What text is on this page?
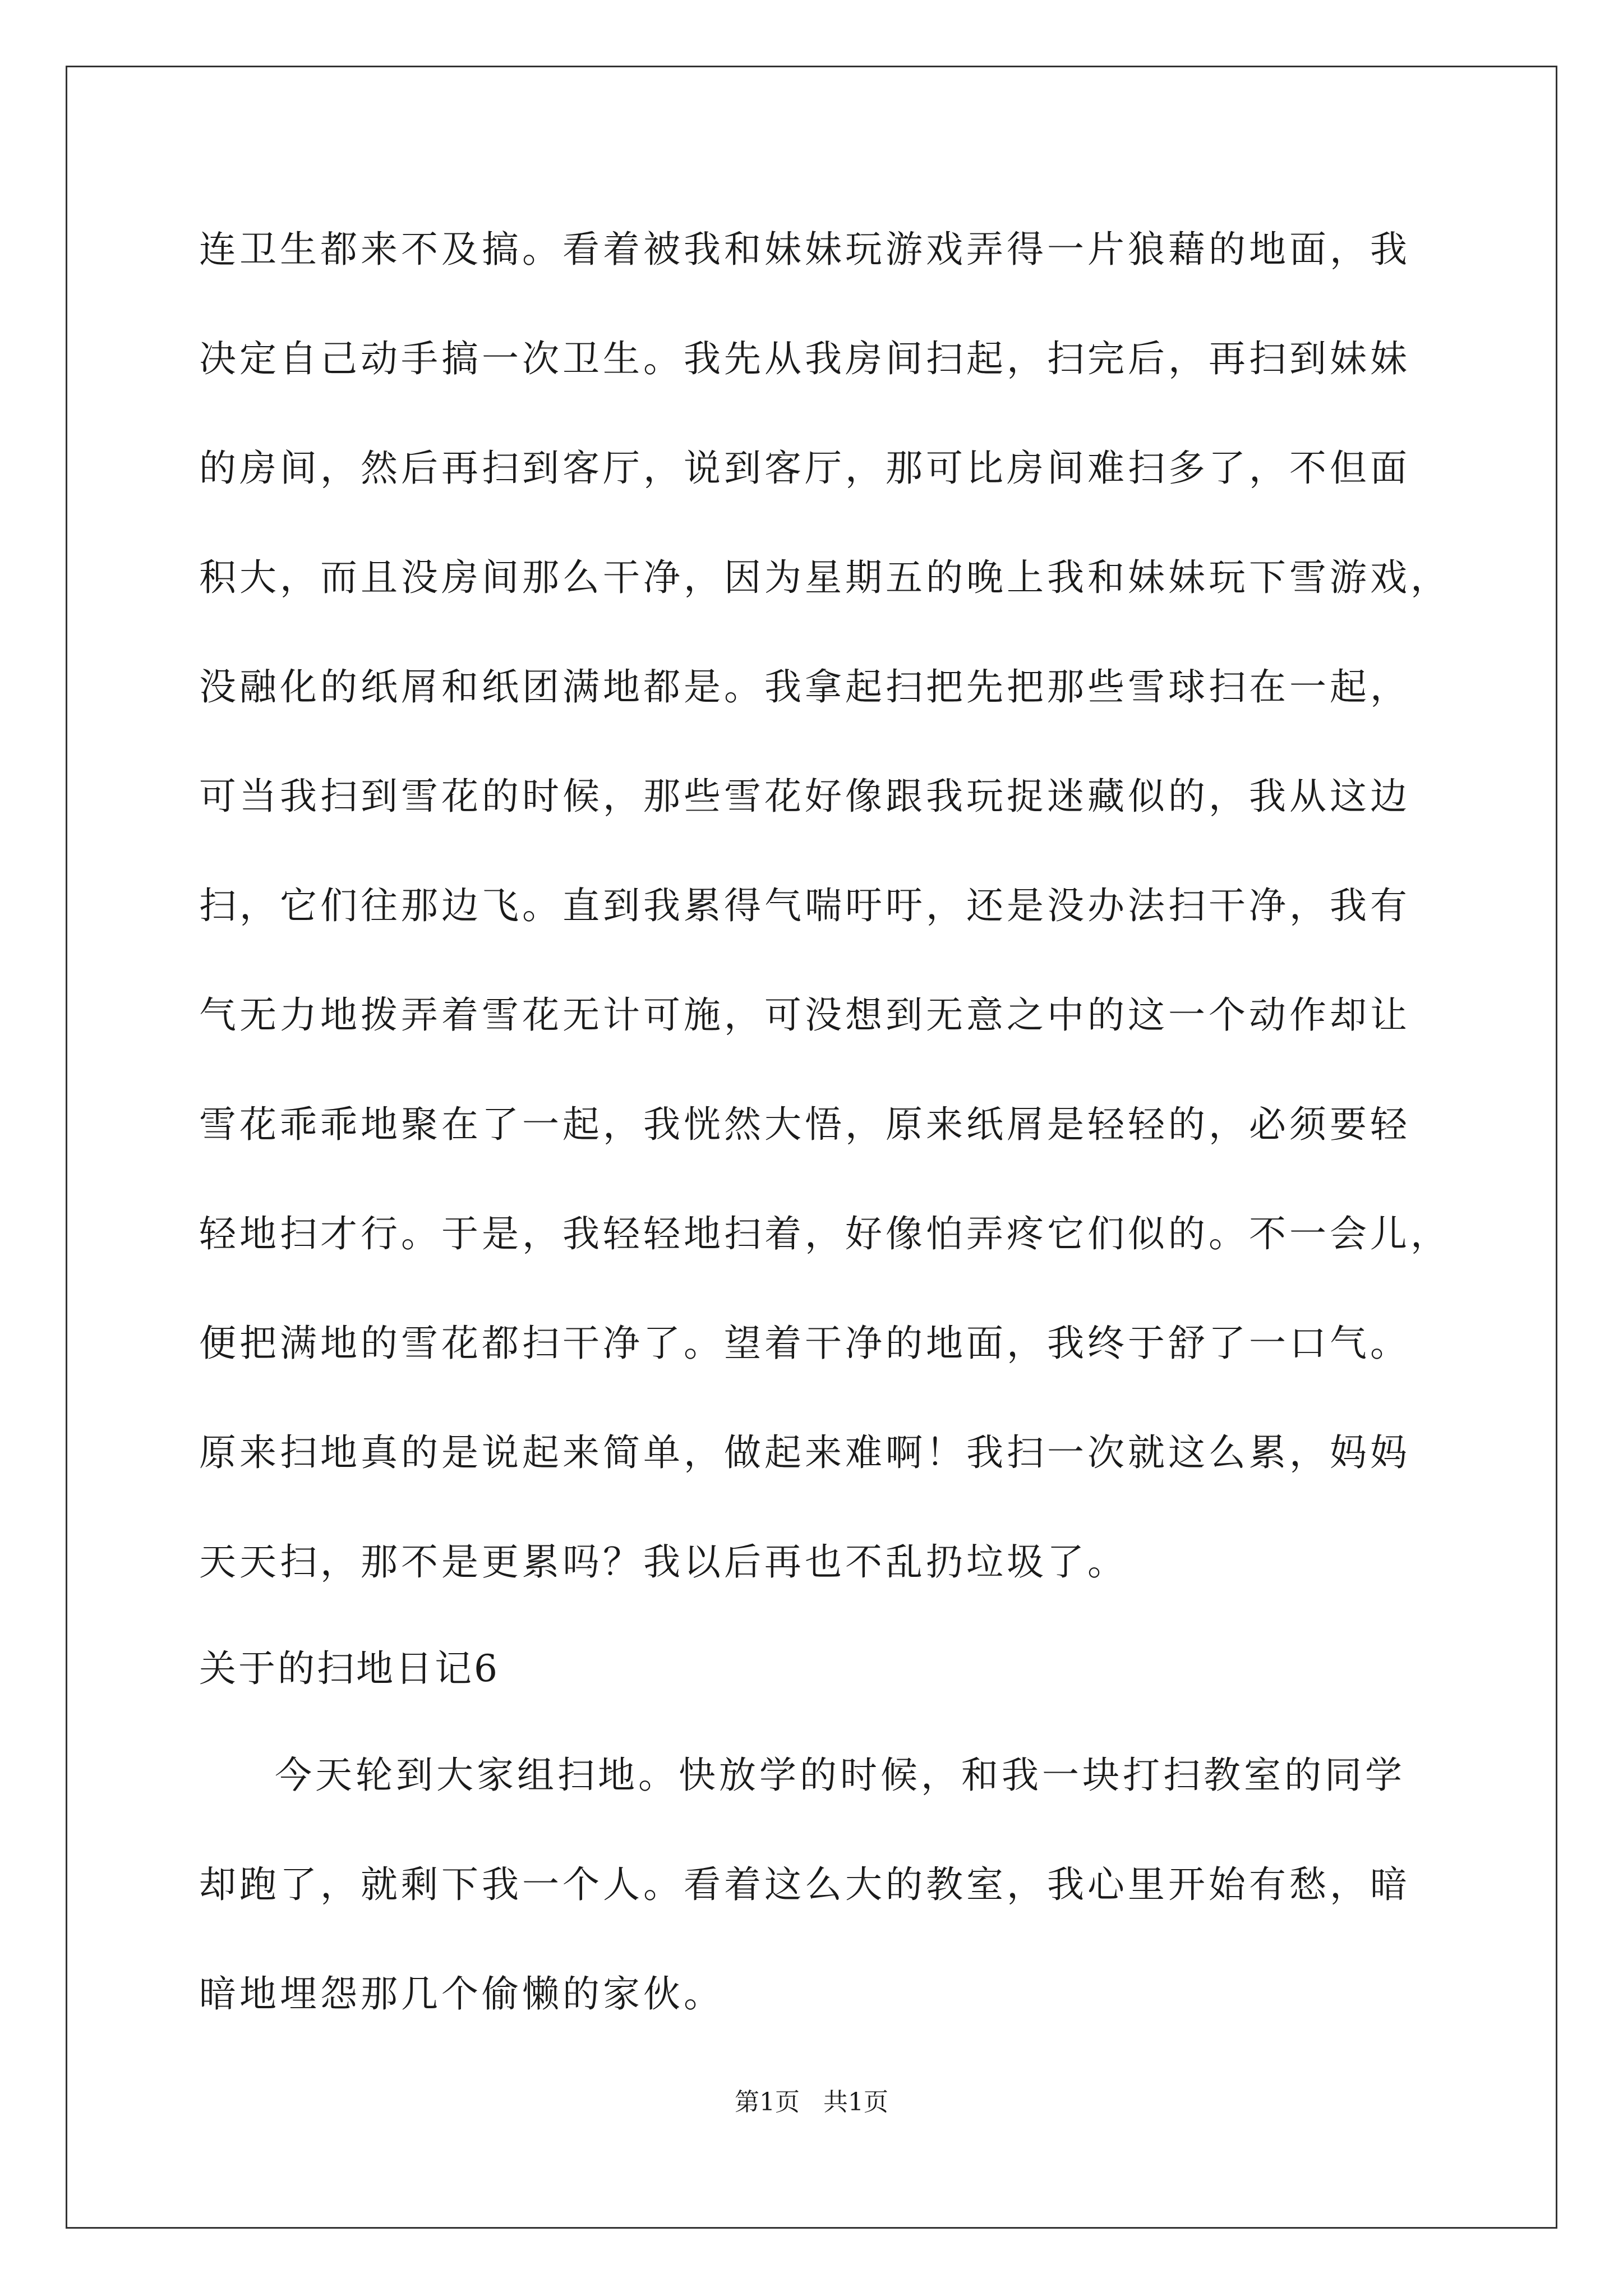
连卫生都来不及搞。看着被我和妹妹玩游戏弄得一片狼藉的地面，我
决定自己动手搞一次卫生。我先从我房间扫起，扫完后，再扫到妹妹
的房间，然后再扫到客厅，说到客厅，那可比房间难扫多了，不但面
积大，而且没房间那么干净，因为星期五的晚上我和妹妹玩下雪游戏，
没融化的纸屑和纸团满地都是。我拿起扫把先把那些雪球扫在一起，
可当我扫到雪花的时候，那些雪花好像跟我玩捉迷藏似的，我从这边
扫，它们往那边飞。直到我累得气喘吁吁，还是没办法扫干净，我有
气无力地拨弄着雪花无计可施，可没想到无意之中的这一个动作却让
雪花乖乖地聚在了一起，我恍然大悟，原来纸屑是轻轻的，必须要轻
轻地扫才行。于是，我轻轻地扫着，好像怕弄疼它们似的。不一会儿，
便把满地的雪花都扫干净了。望着干净的地面，我终于舒了一口气。
原来扫地真的是说起来简单，做起来难啊！我扫一次就这么累，妈妈
天天扫，那不是更累吗？我以后再也不乱扔垃圾了。
关于的扫地日记6
今天轮到大家组扫地。快放学的时候，和我一块打扫教室的同学
却跑了，就剩下我一个人。看着这么大的教室，我心里开始有愁，暗
暗地埋怨那几个偷懒的家伙。
第1页   共1页
